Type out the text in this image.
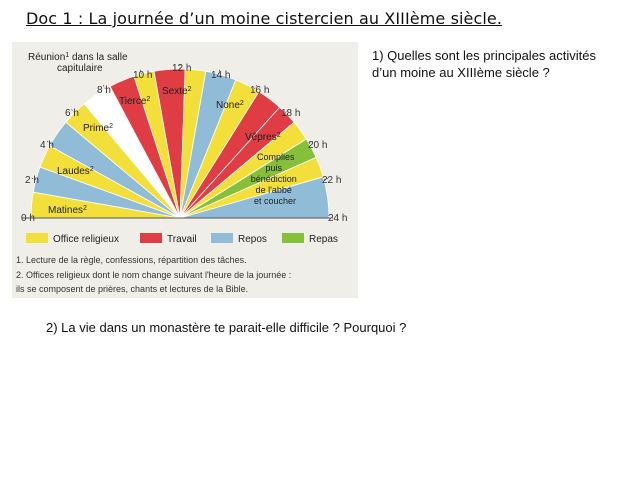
Doc 1 : La journée d’un moine cistercien au XIIIème siècle.
0 h
2 h
4 h
6 h
8 h
10 h
12 h
14 h
16 h
18 h
20 h
22 h
24 h
Réunion$^1$ dans la salle
capitulaire
Tierce$^2$
Sexte$^2$
None$^2$
Prime$^2$
Laudes$^2$
Matines$^2$
Vêpres$^2$
Complies puis bénédiction de l'abbé et coucher
Office religieux	Travail	Repos	Repas
1. Lecture de la règle, confessions, répartition des tâches.
2. Offices religieux dont le nom change suivant l'heure de la journée :
ils se composent de prières, chants et lectures de la Bible.
1) Quelles sont les principales activités d’un moine au XIIIème siècle ?
2) La vie dans un monastère te parait-elle difficile ? Pourquoi ?
